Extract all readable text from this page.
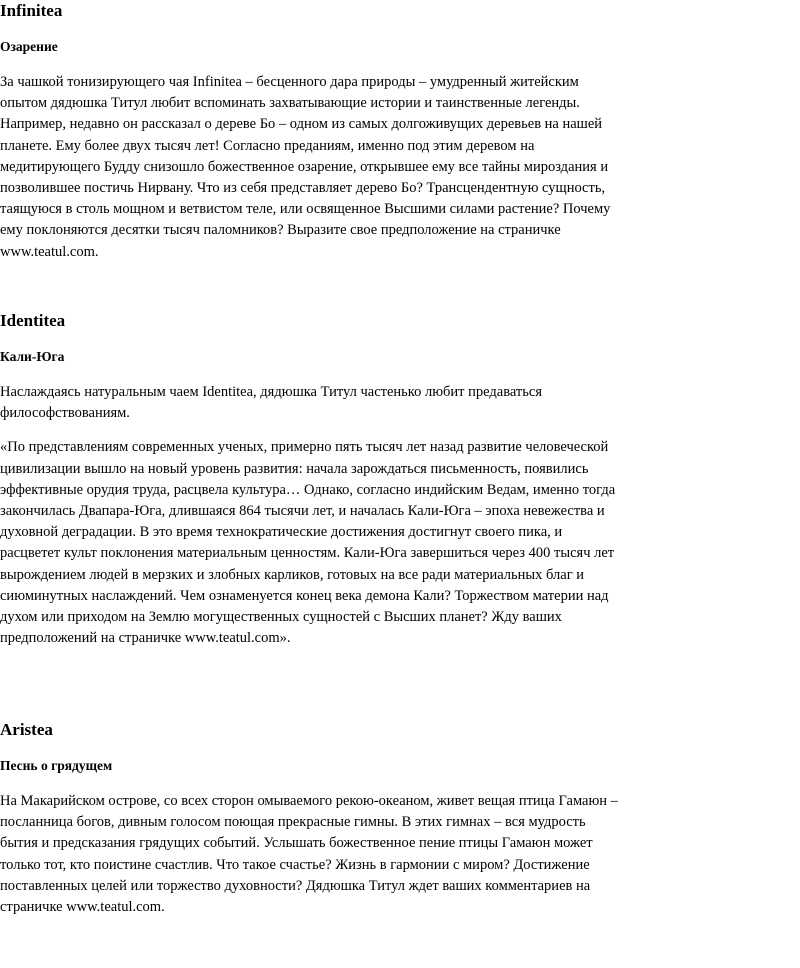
Infinitea
Озарение

За чашкой тонизирующего чая Infinitea – бесценного дара природы – умудренный житейским опытом дядюшка Титул любит вспоминать захватывающие истории и таинственные легенды. Например, недавно он рассказал о дереве Бо – одном из самых долгоживущих деревьев на нашей планете. Ему более двух тысяч лет! Согласно преданиям, именно под этим деревом на медитирующего Будду снизошло божественное озарение, открывшее ему все тайны мироздания и позволившее постичь Нирвану. Что из себя представляет дерево Бо? Трансцендентную сущность, таящуюся в столь мощном и ветвистом теле, или освященное Высшими силами растение? Почему ему поклоняются десятки тысяч паломников? Выразите свое предположение на страничке www.teatul.com.

Identitea
Кали-Юга

Наслаждаясь натуральным чаем Identitea, дядюшка Титул частенько любит предаваться философствованиям.

«По представлениям современных ученых, примерно пять тысяч лет назад развитие человеческой цивилизации вышло на новый уровень развития: начала зарождаться письменность, появились эффективные орудия труда, расцвела культура… Однако, согласно индийским Ведам, именно тогда закончилась Двапара-Юга, длившаяся 864 тысячи лет, и началась Кали-Юга – эпоха невежества и духовной деградации. В это время технократические достижения достигнут своего пика, и расцветет культ поклонения материальным ценностям. Кали-Юга завершиться через 400 тысяч лет вырождением людей в мерзких и злобных карликов, готовых на все ради материальных благ и сиюминутных наслаждений. Чем ознаменуется конец века демона Кали? Торжеством материи над духом или приходом на Землю могущественных сущностей с Высших планет? Жду ваших предположений на страничке www.teatul.com».

Aristea
Песнь о грядущем

На Макарийском острове, со всех сторон омываемого рекою-океаном, живет вещая птица Гамаюн – посланница богов, дивным голосом поющая прекрасные гимны. В этих гимнах – вся мудрость бытия и предсказания грядущих событий. Услышать божественное пение птицы Гамаюн может только тот, кто поистине счастлив. Что такое счастье? Жизнь в гармонии с миром? Достижение поставленных целей или торжество духовности? Дядюшка Титул ждет ваших комментариев на страничке www.teatul.com.
